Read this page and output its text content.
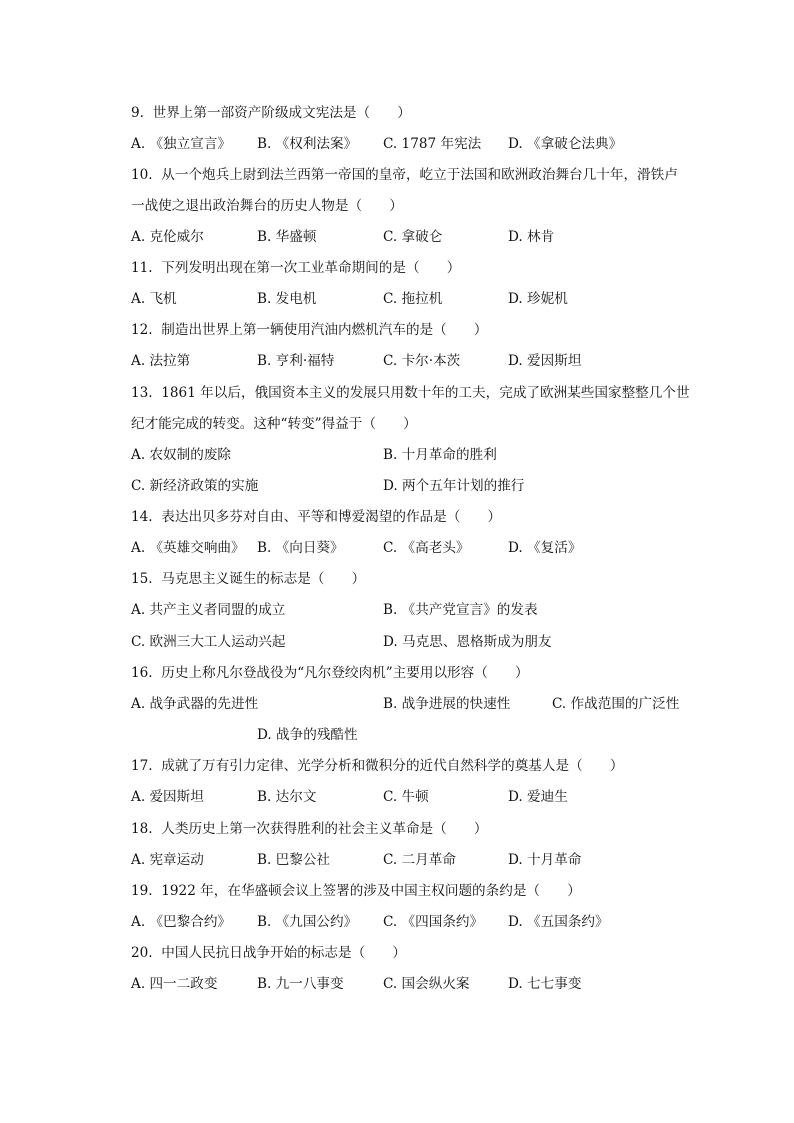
9.  世界上第一部资产阶级成文宪法是（　　）
A. 《独立宣言》 B. 《权利法案》 C. 1787 年宪法 D. 《拿破仑法典》
10.  从一个炮兵上尉到法兰西第一帝国的皇帝，屹立于法国和欧洲政治舞台几十年，滑铁卢
一战使之退出政治舞台的历史人物是（　　）
A. 克伦威尔	B. 华盛顿	C. 拿破仑	D. 林肯
11.  下列发明出现在第一次工业革命期间的是（　　）
A. 飞机	B. 发电机	C. 拖拉机	D. 珍妮机
12.  制造出世界上第一辆使用汽油内燃机汽车的是（　　）
A. 法拉第	B. 亨利·福特	C. 卡尔·本茨	D. 爱因斯坦
13.  1861 年以后，俄国资本主义的发展只用数十年的工夫，完成了欧洲某些国家整整几个世
纪才能完成的转变。这种“转变”得益于（　　）
A. 农奴制的废除	B. 十月革命的胜利
C. 新经济政策的实施	D. 两个五年计划的推行
14.  表达出贝多芬对自由、平等和博爱渴望的作品是（　　）
A. 《英雄交响曲》 B. 《向日葵》	C. 《高老头》	D. 《复活》
15.  马克思主义诞生的标志是（　　）
A. 共产主义者同盟的成立	B. 《共产党宣言》的发表
C. 欧洲三大工人运动兴起	D. 马克思、恩格斯成为朋友
16.  历史上称凡尔登战役为“凡尔登绞肉机”主要用以形容（　　）
A. 战争武器的先进性	B. 战争进展的快速性	C. 作战范围的广泛性
D. 战争的残酷性
17.  成就了万有引力定律、光学分析和微积分的近代自然科学的奠基人是（　　）
A. 爱因斯坦	B. 达尔文	C. 牛顿	D. 爱迪生
18.  人类历史上第一次获得胜利的社会主义革命是（　　）
A. 宪章运动	B. 巴黎公社	C. 二月革命	D. 十月革命
19.  1922 年，在华盛顿会议上签署的涉及中国主权问题的条约是（　　）
A. 《巴黎合约》 B. 《九国公约》 C. 《四国条约》 D. 《五国条约》
20.  中国人民抗日战争开始的标志是（　　）
A. 四一二政变	B. 九一八事变	C. 国会纵火案	D. 七七事变
